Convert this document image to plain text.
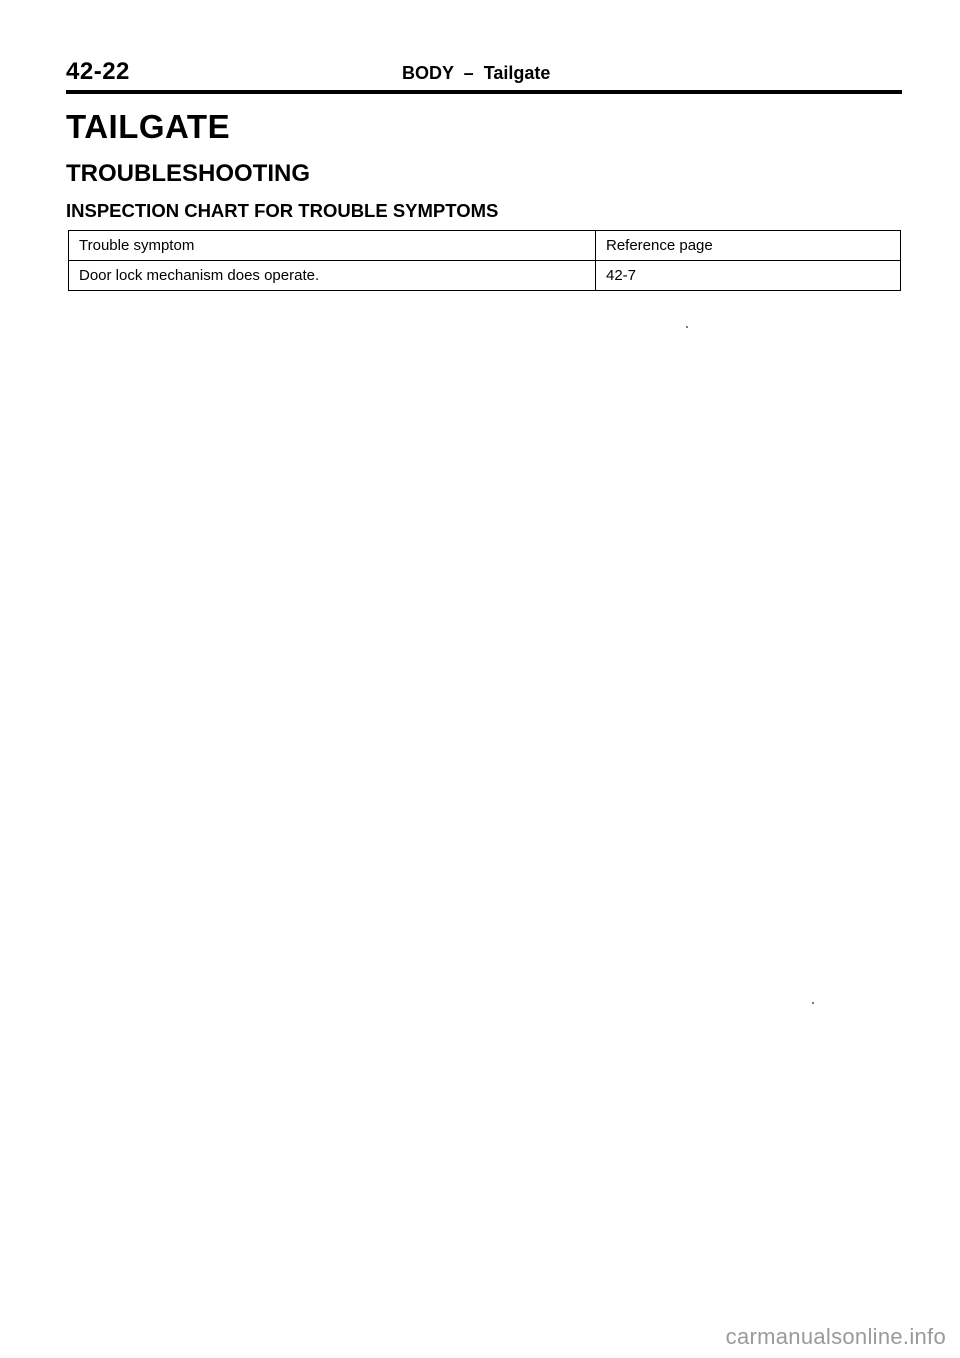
42-22	BODY  –  Tailgate
TAILGATE
TROUBLESHOOTING
INSPECTION CHART FOR TROUBLE SYMPTOMS
Trouble symptom	Reference page
Door lock mechanism does operate.	42-7
carmanualsonline.info
